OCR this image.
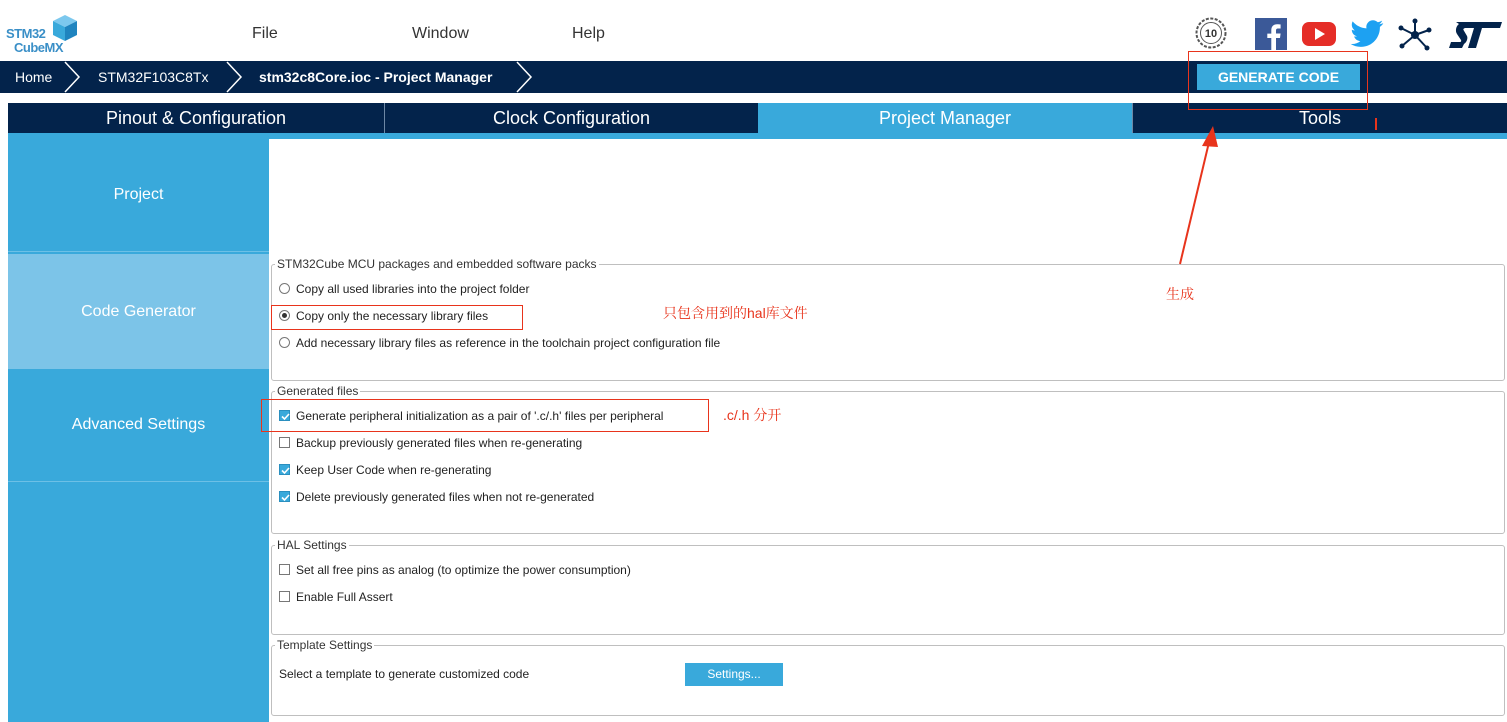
STM32
CubeMX
File	Window	Help	10
Home	STM32F103C8Tx	stm32c8Core.ioc - Project Manager	GENERATE CODE
Pinout & Configuration	Clock Configuration	Project Manager	Tools
Project
Code Generator
Advanced Settings
STM32Cube MCU packages and embedded software packs
Copy all used libraries into the project folder
Copy only the necessary library files
Add necessary library files as reference in the toolchain project configuration file
Generated files
Generate peripheral initialization as a pair of '.c/.h' files per peripheral
Backup previously generated files when re-generating
Keep User Code when re-generating
Delete previously generated files when not re-generated
HAL Settings
Set all free pins as analog (to optimize the power consumption)
Enable Full Assert
Template Settings
Select a template to generate customized code	Settings...
生成
只包含用到的hal库文件
.c/.h 分开
